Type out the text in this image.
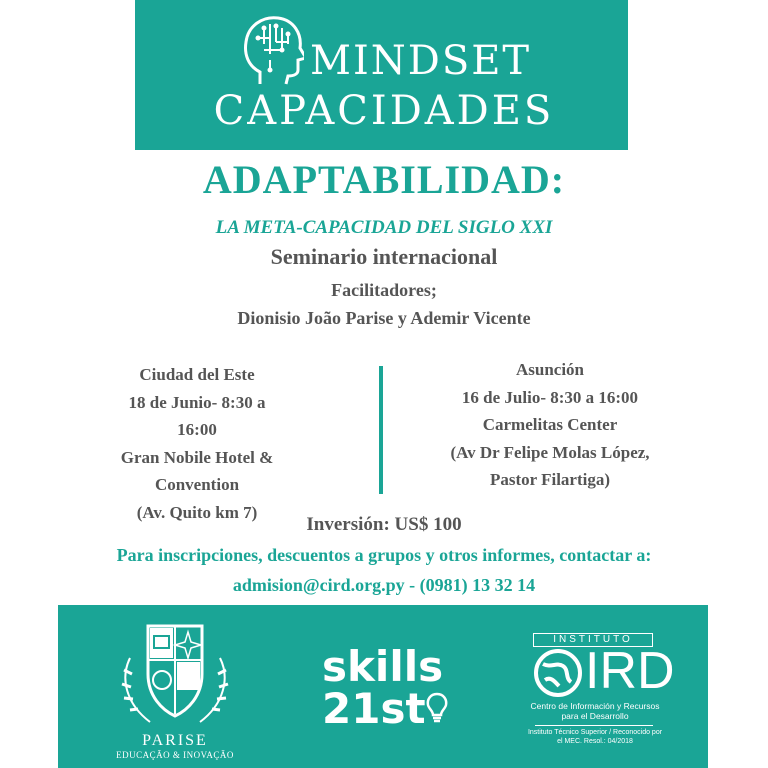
MINDSET
CAPACIDADES
ADAPTABILIDAD:
LA META-CAPACIDAD DEL SIGLO XXI
Seminario internacional
Facilitadores;
Dionisio João Parise y Ademir Vicente
Ciudad del Este
18 de Junio- 8:30 a
16:00
Gran Nobile Hotel &
Convention
(Av. Quito km 7)
Asunción
16 de Julio- 8:30 a 16:00
Carmelitas Center
(Av Dr Felipe Molas López,
Pastor Filartiga)
Inversión: US$ 100
Para inscripciones, descuentos a grupos y otros informes, contactar a:
admision@cird.org.py - (0981) 13 32 14
PARISE
EDUCAÇÃO & INOVAÇÃO
skills
21st
INSTITUTO
IRD
Centro de Información y Recursos para el Desarrollo
Instituto Técnico Superior / Reconocido por el MEC. Resol.: 04/2018
